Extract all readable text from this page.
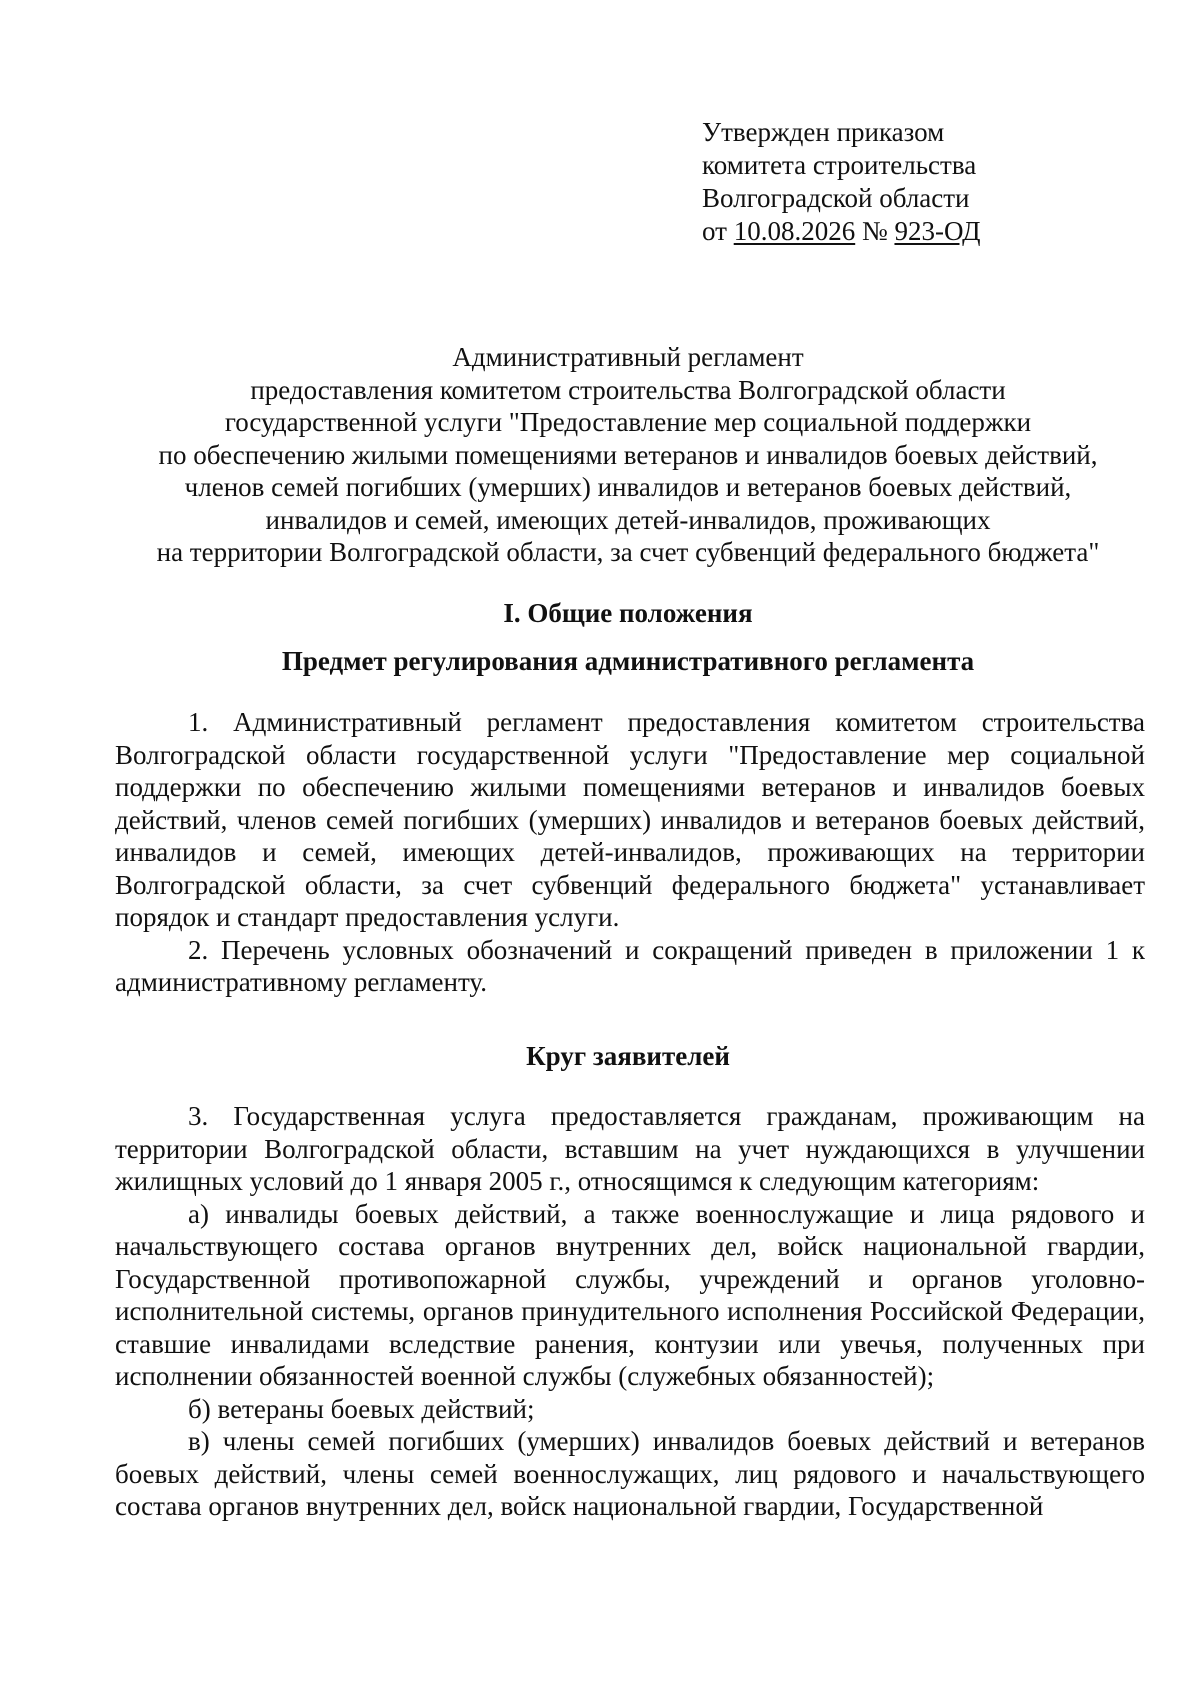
Утвержден приказом
комитета строительства
Волгоградской области
от 10.08.2026 № 923-ОД
Административный регламент
предоставления комитетом строительства Волгоградской области
государственной услуги "Предоставление мер социальной поддержки
по обеспечению жилыми помещениями ветеранов и инвалидов боевых действий,
членов семей погибших (умерших) инвалидов и ветеранов боевых действий,
инвалидов и семей, имеющих детей-инвалидов, проживающих
на территории Волгоградской области, за счет субвенций федерального бюджета"
I. Общие положения
Предмет регулирования административного регламента

1. Административный регламент предоставления комитетом строительства Волгоградской области государственной услуги "Предоставление мер социальной поддержки по обеспечению жилыми помещениями ветеранов и инвалидов боевых действий, членов семей погибших (умерших) инвалидов и ветеранов боевых действий, инвалидов и семей, имеющих детей-инвалидов, проживающих на территории Волгоградской области, за счет субвенций федерального бюджета" устанавливает порядок и стандарт предоставления услуги.

2. Перечень условных обозначений и сокращений приведен в приложении 1 к административному регламенту.

Круг заявителей

3. Государственная услуга предоставляется гражданам, проживающим на территории Волгоградской области, вставшим на учет нуждающихся в улучшении жилищных условий до 1 января 2005 г., относящимся к следующим категориям:

а) инвалиды боевых действий, а также военнослужащие и лица рядового и начальствующего состава органов внутренних дел, войск национальной гвардии, Государственной противопожарной службы, учреждений и органов уголовно-исполнительной системы, органов принудительного исполнения Российской Федерации, ставшие инвалидами вследствие ранения, контузии или увечья, полученных при исполнении обязанностей военной службы (служебных обязанностей);

б) ветераны боевых действий;

в) члены семей погибших (умерших) инвалидов боевых действий и ветеранов боевых действий, члены семей военнослужащих, лиц рядового и начальствующего состава органов внутренних дел, войск национальной гвардии, Государственной
